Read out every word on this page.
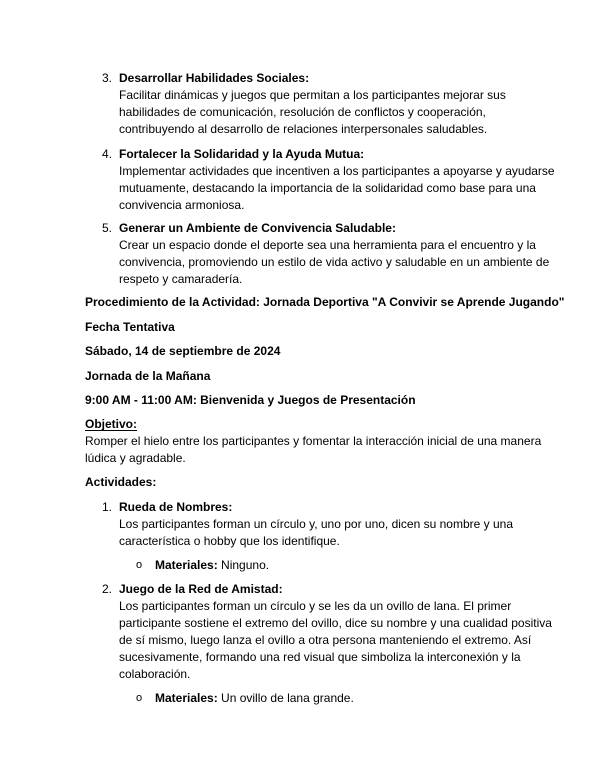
3. Desarrollar Habilidades Sociales:
Facilitar dinámicas y juegos que permitan a los participantes mejorar sus
habilidades de comunicación, resolución de conflictos y cooperación,
contribuyendo al desarrollo de relaciones interpersonales saludables.
4. Fortalecer la Solidaridad y la Ayuda Mutua:
Implementar actividades que incentiven a los participantes a apoyarse y ayudarse
mutuamente, destacando la importancia de la solidaridad como base para una
convivencia armoniosa.
5. Generar un Ambiente de Convivencia Saludable:
Crear un espacio donde el deporte sea una herramienta para el encuentro y la
convivencia, promoviendo un estilo de vida activo y saludable en un ambiente de
respeto y camaradería.
Procedimiento de la Actividad: Jornada Deportiva "A Convivir se Aprende Jugando"
Fecha Tentativa
Sábado, 14 de septiembre de 2024
Jornada de la Mañana
9:00 AM - 11:00 AM: Bienvenida y Juegos de Presentación
Objetivo:
Romper el hielo entre los participantes y fomentar la interacción inicial de una manera
lúdica y agradable.
Actividades:
1. Rueda de Nombres:
Los participantes forman un círculo y, uno por uno, dicen su nombre y una
característica o hobby que los identifique.
o Materiales: Ninguno.
2. Juego de la Red de Amistad:
Los participantes forman un círculo y se les da un ovillo de lana. El primer
participante sostiene el extremo del ovillo, dice su nombre y una cualidad positiva
de sí mismo, luego lanza el ovillo a otra persona manteniendo el extremo. Así
sucesivamente, formando una red visual que simboliza la interconexión y la
colaboración.
o Materiales: Un ovillo de lana grande.
